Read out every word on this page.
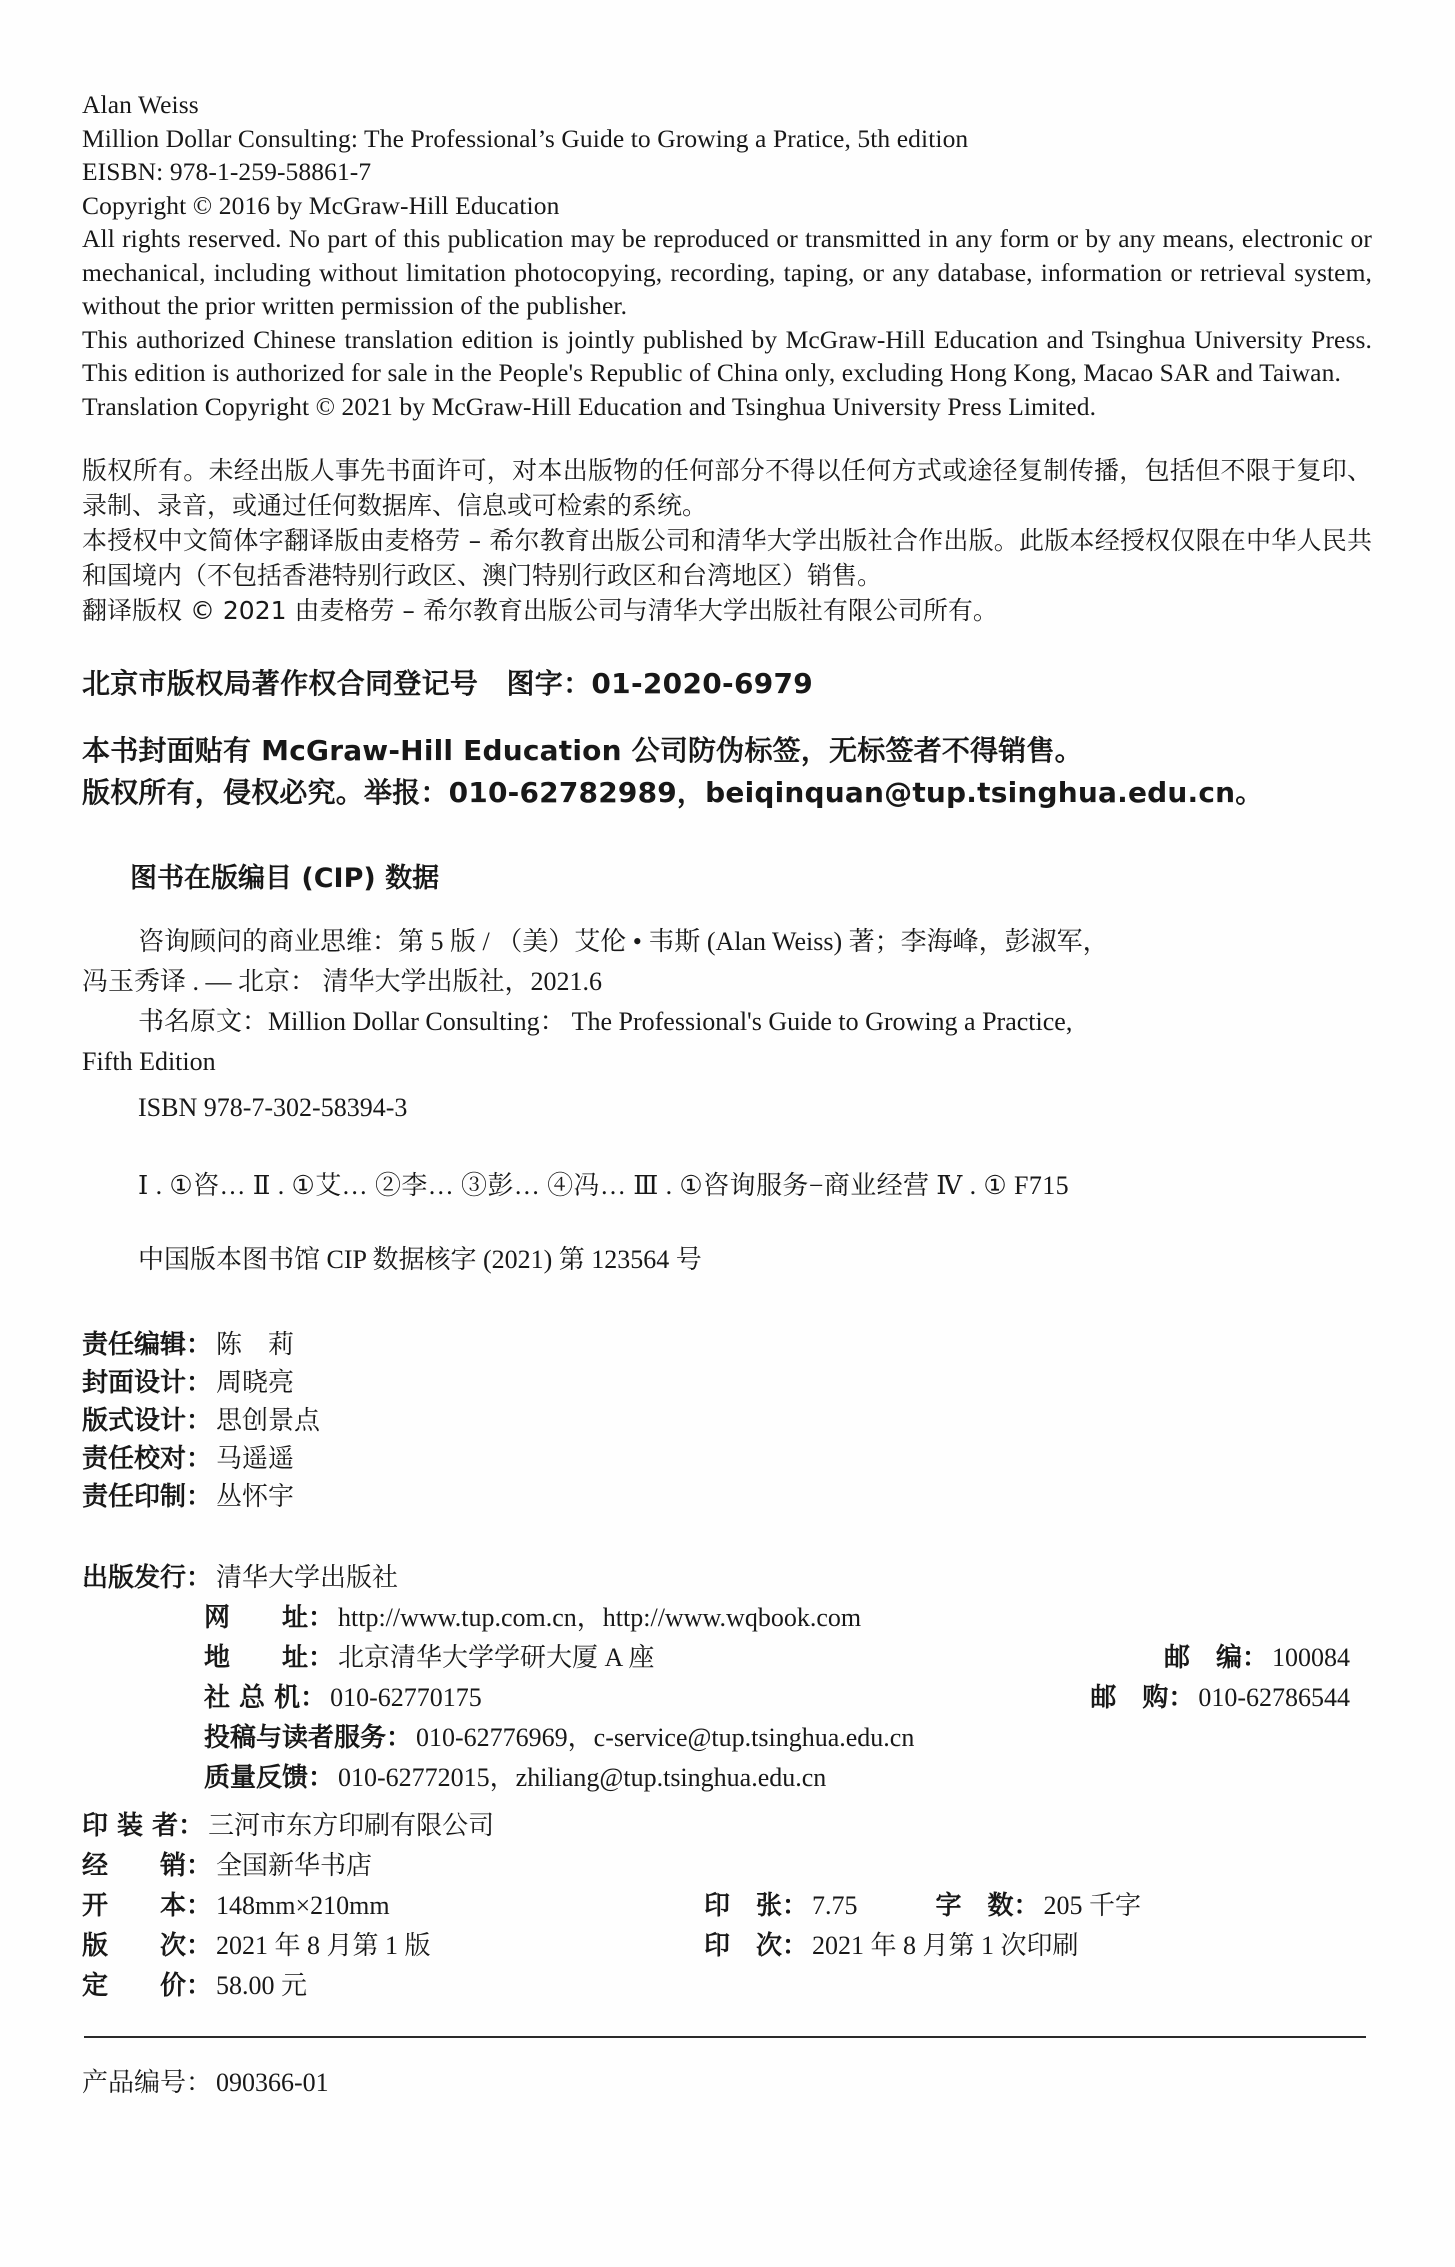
Alan Weiss
Million Dollar Consulting: The Professional’s Guide to Growing a Pratice, 5th edition
EISBN: 978-1-259-58861-7
Copyright © 2016 by McGraw-Hill Education

All rights reserved. No part of this publication may be reproduced or transmitted in any form or by any means, electronic or mechanical, including without limitation photocopying, recording, taping, or any database, information or retrieval system, without the prior written permission of the publisher.

This authorized Chinese translation edition is jointly published by McGraw-Hill Education and Tsinghua University Press. This edition is authorized for sale in the People's Republic of China only, excluding Hong Kong, Macao SAR and Taiwan.

Translation Copyright © 2021 by McGraw-Hill Education and Tsinghua University Press Limited.
版权所有。未经出版人事先书面许可，对本出版物的任何部分不得以任何方式或途径复制传播，包括但不限于复印、录制、录音，或通过任何数据库、信息或可检索的系统。
本授权中文简体字翻译版由麦格劳 – 希尔教育出版公司和清华大学出版社合作出版。此版本经授权仅限在中华人民共和国境内（不包括香港特别行政区、澳门特别行政区和台湾地区）销售。
翻译版权 © 2021 由麦格劳 – 希尔教育出版公司与清华大学出版社有限公司所有。
北京市版权局著作权合同登记号　图字：01-2020-6979
本书封面贴有 McGraw-Hill Education 公司防伪标签，无标签者不得销售。
版权所有，侵权必究。举报：010-62782989，beiqinquan@tup.tsinghua.edu.cn。
图书在版编目 (CIP) 数据
咨询顾问的商业思维：第 5 版 / （美）艾伦 • 韦斯 (Alan Weiss) 著；李海峰，彭淑军，
冯玉秀译 . — 北京： 清华大学出版社，2021.6
书名原文：Million Dollar Consulting： The Professional's Guide to Growing a Practice,
Fifth Edition
ISBN 978-7-302-58394-3
Ⅰ . ①咨… Ⅱ . ①艾… ②李… ③彭… ④冯… Ⅲ . ①咨询服务−商业经营 Ⅳ . ① F715
中国版本图书馆 CIP 数据核字 (2021) 第 123564 号
责任编辑： 陈　莉
封面设计： 周晓亮
版式设计： 思创景点
责任校对： 马遥遥
责任印制： 丛怀宇
出版发行： 清华大学出版社
网　　址： http://www.tup.com.cn，http://www.wqbook.com
地　　址： 北京清华大学学研大厦 A 座	邮　编： 100084
社 总 机： 010-62770175	邮　购： 010-62786544
投稿与读者服务： 010-62776969，c-service@tup.tsinghua.edu.cn
质量反馈： 010-62772015，zhiliang@tup.tsinghua.edu.cn
印 装 者： 三河市东方印刷有限公司
经　　销： 全国新华书店
开　　本： 148mm×210mm	印　张： 7.75	字　数： 205 千字
版　　次： 2021 年 8 月第 1 版	印　次： 2021 年 8 月第 1 次印刷
定　　价： 58.00 元
产品编号： 090366-01
